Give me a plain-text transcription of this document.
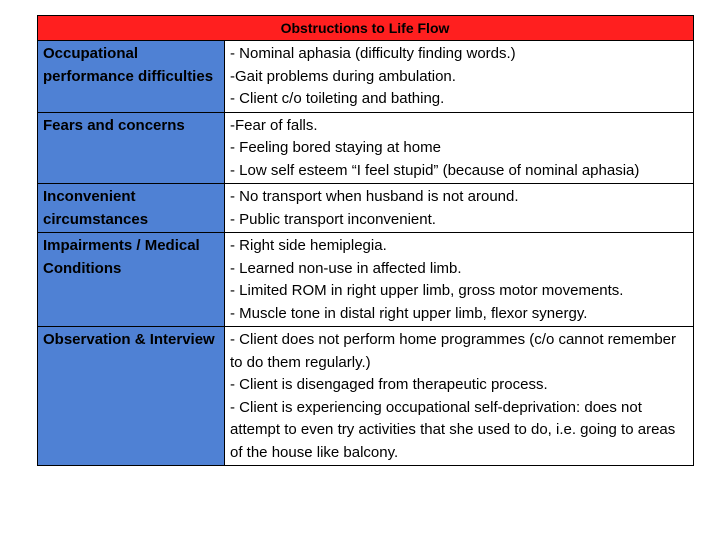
Obstructions to Life Flow	
Occupational performance difficulties	- Nominal aphasia (difficulty finding words.)
-Gait problems during ambulation.
- Client c/o toileting and bathing.

Fears and concerns	-Fear of falls.
- Feeling bored staying at home
- Low self esteem “I feel stupid” (because of nominal aphasia)

Inconvenient circumstances	- No transport when husband is not around.
- Public transport inconvenient.

Impairments / Medical Conditions	- Right side hemiplegia.
- Learned non-use in affected limb.
- Limited ROM in right upper limb, gross motor movements.
- Muscle tone in distal right upper limb, flexor synergy.

Observation & Interview	- Client does not perform home programmes (c/o cannot remember to do them regularly.)
- Client is disengaged from therapeutic process.
- Client is experiencing occupational self-deprivation: does not attempt to even try activities that she used to do, i.e. going to areas of the house like balcony.
